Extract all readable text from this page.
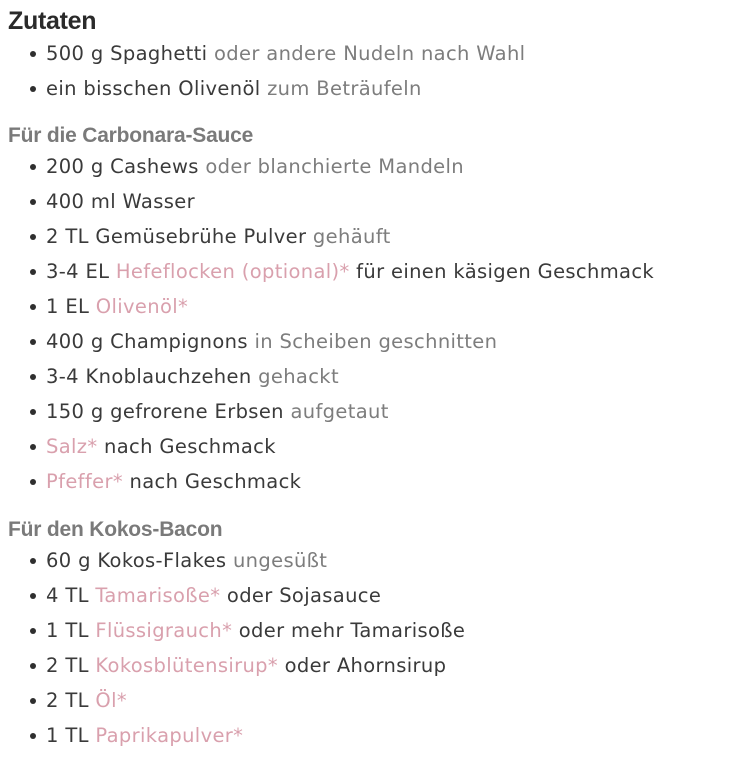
Zutaten
500 g Spaghetti oder andere Nudeln nach Wahl
ein bisschen Olivenöl zum Beträufeln
Für die Carbonara-Sauce
200 g Cashews oder blanchierte Mandeln
400 ml Wasser
2 TL Gemüsebrühe Pulver gehäuft
3-4 EL Hefeflocken (optional)* für einen käsigen Geschmack
1 EL Olivenöl*
400 g Champignons in Scheiben geschnitten
3-4 Knoblauchzehen gehackt
150 g gefrorene Erbsen aufgetaut
Salz* nach Geschmack
Pfeffer* nach Geschmack
Für den Kokos-Bacon
60 g Kokos-Flakes ungesüßt
4 TL Tamarisoße* oder Sojasauce
1 TL Flüssigrauch* oder mehr Tamarisoße
2 TL Kokosblütensirup* oder Ahornsirup
2 TL Öl*
1 TL Paprikapulver*
